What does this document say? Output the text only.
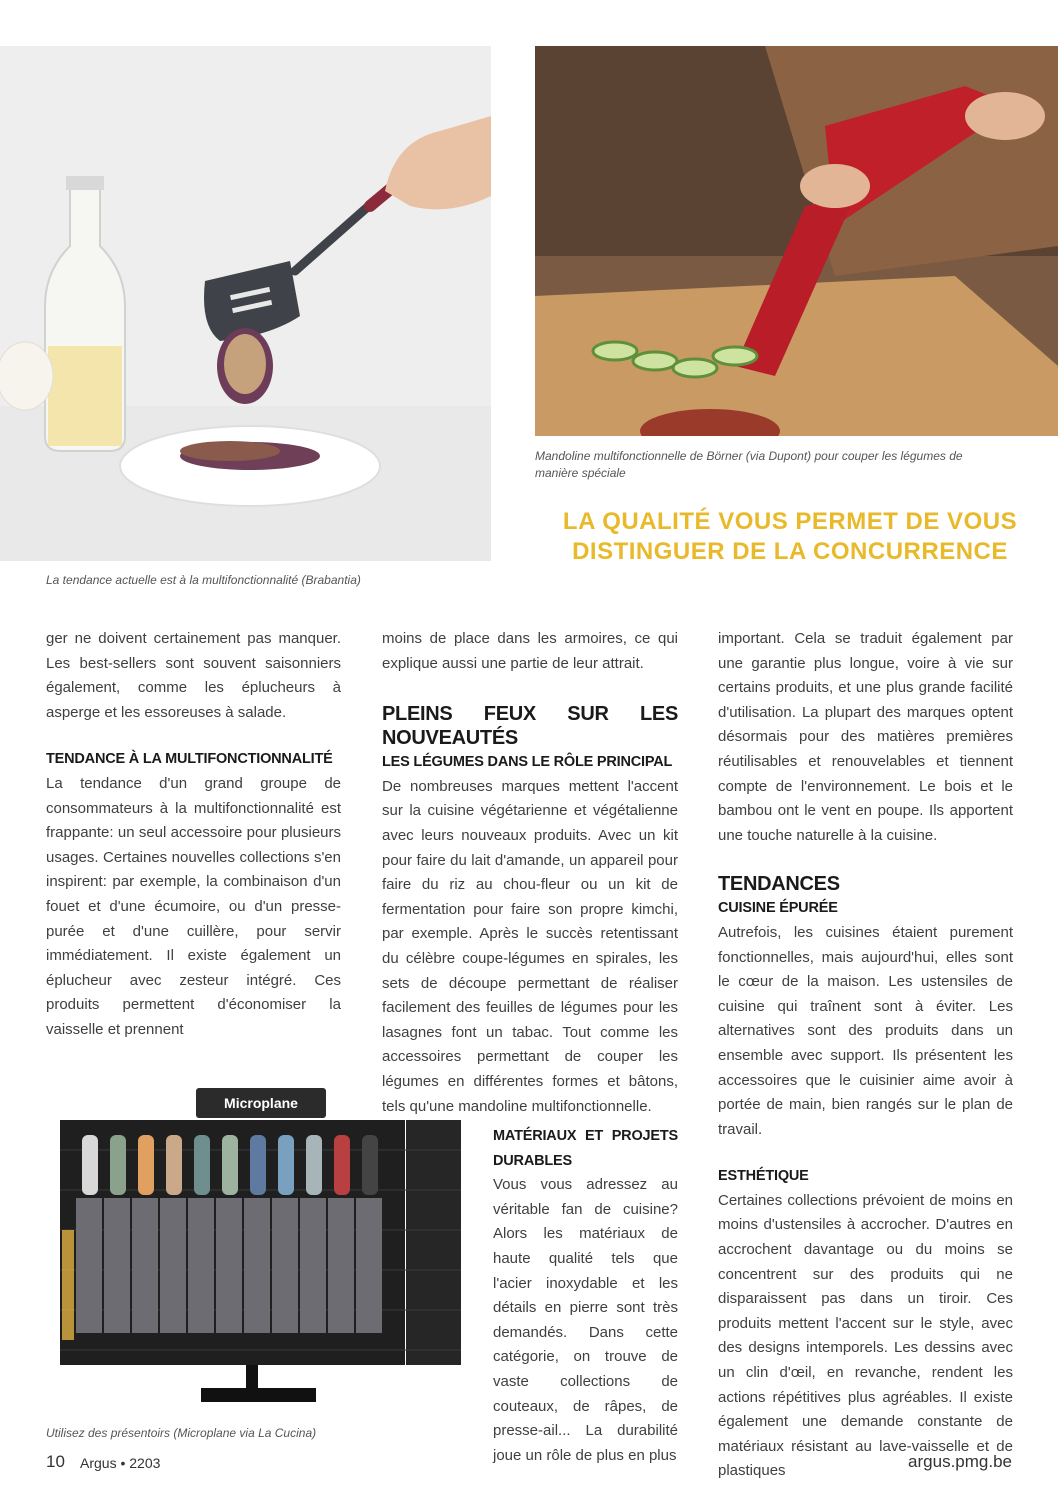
Mandoline multifonctionnelle de Börner (via Dupont) pour couper les légumes de manière spéciale
La tendance actuelle est à la multifonctionnalité (Brabantia)
LA QUALITÉ VOUS PERMET DE VOUS DISTINGUER DE LA CONCURRENCE

ger ne doivent certainement pas manquer. Les best-sellers sont souvent saisonniers également, comme les éplucheurs à asperge et les essoreuses à salade.

TENDANCE À LA MULTIFONCTIONNALITÉ

La tendance d'un grand groupe de consommateurs à la multifonctionnalité est frappante: un seul accessoire pour plusieurs usages. Certaines nouvelles collections s'en inspirent: par exemple, la combinaison d'un fouet et d'une écumoire, ou d'un presse-purée et d'une cuillère, pour servir immédiatement. Il existe également un éplucheur avec zesteur intégré. Ces produits permettent d'économiser la vaisselle et prennent

Microplane
Utilisez des présentoirs (Microplane via La Cucina)

moins de place dans les armoires, ce qui explique aussi une partie de leur attrait.

PLEINS FEUX SUR LES NOUVEAUTÉS

LES LÉGUMES DANS LE RÔLE PRINCIPAL

De nombreuses marques mettent l'accent sur la cuisine végétarienne et végétalienne avec leurs nouveaux produits. Avec un kit pour faire du lait d'amande, un appareil pour faire du riz au chou-fleur ou un kit de fermentation pour faire son propre kimchi, par exemple. Après le succès retentissant du célèbre coupe-légumes en spirales, les sets de découpe permettant de réaliser facilement des feuilles de légumes pour les lasagnes font un tabac. Tout comme les accessoires permettant de couper les légumes en différentes formes et bâtons, tels qu'une mandoline multifonctionnelle.

MATÉRIAUX ET PROJETS DURABLES

Vous vous adressez au véritable fan de cuisine? Alors les matériaux de haute qualité tels que l'acier inoxydable et les détails en pierre sont très demandés. Dans cette catégorie, on trouve de vaste collections de couteaux, de râpes, de presse-ail... La durabilité joue un rôle de plus en plus

important. Cela se traduit également par une garantie plus longue, voire à vie sur certains produits, et une plus grande facilité d'utilisation. La plupart des marques optent désormais pour des matières premières réutilisables et renouvelables et tiennent compte de l'environnement. Le bois et le bambou ont le vent en poupe. Ils apportent une touche naturelle à la cuisine.

TENDANCES

CUISINE ÉPURÉE

Autrefois, les cuisines étaient purement fonctionnelles, mais aujourd'hui, elles sont le cœur de la maison. Les ustensiles de cuisine qui traînent sont à éviter. Les alternatives sont des produits dans un ensemble avec support. Ils présentent les accessoires que le cuisinier aime avoir à portée de main, bien rangés sur le plan de travail.

ESTHÉTIQUE

Certaines collections prévoient de moins en moins d'ustensiles à accrocher. D'autres en accrochent davantage ou du moins se concentrent sur des produits qui ne disparaissent pas dans un tiroir. Ces produits mettent l'accent sur le style, avec des designs intemporels. Les dessins avec un clin d'œil, en revanche, rendent les actions répétitives plus agréables. Il existe également une demande constante de matériaux résistant au lave-vaisselle et de plastiques

10 Argus • 2203	argus.pmg.be
